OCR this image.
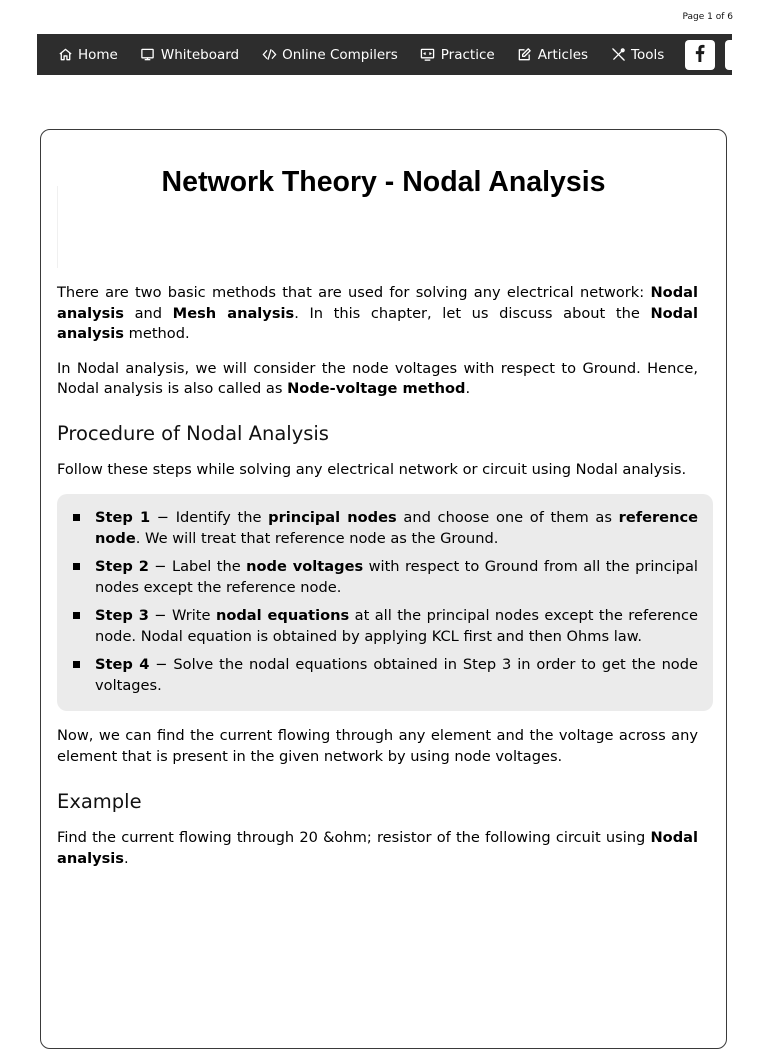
Page 1 of 6
Home	Whiteboard	Online Compilers	Practice	Articles	Tools
Network Theory - Nodal Analysis

There are two basic methods that are used for solving any electrical network: Nodal analysis and Mesh analysis. In this chapter, let us discuss about the Nodal analysis method.

In Nodal analysis, we will consider the node voltages with respect to Ground. Hence, Nodal analysis is also called as Node-voltage method.

Procedure of Nodal Analysis

Follow these steps while solving any electrical network or circuit using Nodal analysis.

Step 1 − Identify the principal nodes and choose one of them as reference node. We will treat that reference node as the Ground.
Step 2 − Label the node voltages with respect to Ground from all the principal nodes except the reference node.
Step 3 − Write nodal equations at all the principal nodes except the reference node. Nodal equation is obtained by applying KCL first and then Ohms law.
Step 4 − Solve the nodal equations obtained in Step 3 in order to get the node voltages.

Now, we can find the current flowing through any element and the voltage across any element that is present in the given network by using node voltages.

Example

Find the current flowing through 20 &ohm; resistor of the following circuit using Nodal analysis.
